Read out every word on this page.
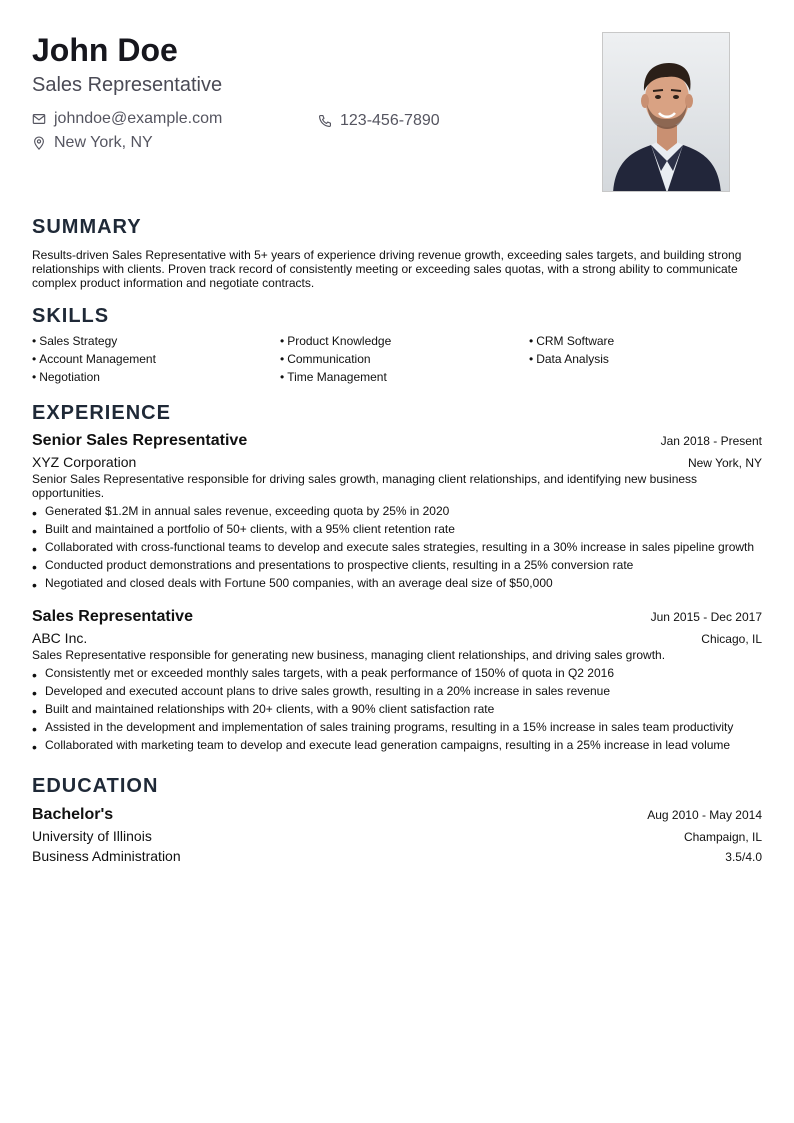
John Doe
Sales Representative
johndoe@example.com	123-456-7890
New York, NY
SUMMARY
Results-driven Sales Representative with 5+ years of experience driving revenue growth, exceeding sales targets, and building strong relationships with clients. Proven track record of consistently meeting or exceeding sales quotas, with a strong ability to communicate complex product information and negotiate contracts.
SKILLS
• Sales Strategy	• Product Knowledge	• CRM Software
• Account Management	• Communication	• Data Analysis
• Negotiation	• Time Management
EXPERIENCE
Senior Sales Representative	Jan 2018 - Present
XYZ Corporation	New York, NY
Senior Sales Representative responsible for driving sales growth, managing client relationships, and identifying new business opportunities.
• Generated $1.2M in annual sales revenue, exceeding quota by 25% in 2020
• Built and maintained a portfolio of 50+ clients, with a 95% client retention rate
• Collaborated with cross-functional teams to develop and execute sales strategies, resulting in a 30% increase in sales pipeline growth
• Conducted product demonstrations and presentations to prospective clients, resulting in a 25% conversion rate
• Negotiated and closed deals with Fortune 500 companies, with an average deal size of $50,000
Sales Representative	Jun 2015 - Dec 2017
ABC Inc.	Chicago, IL
Sales Representative responsible for generating new business, managing client relationships, and driving sales growth.
• Consistently met or exceeded monthly sales targets, with a peak performance of 150% of quota in Q2 2016
• Developed and executed account plans to drive sales growth, resulting in a 20% increase in sales revenue
• Built and maintained relationships with 20+ clients, with a 90% client satisfaction rate
• Assisted in the development and implementation of sales training programs, resulting in a 15% increase in sales team productivity
• Collaborated with marketing team to develop and execute lead generation campaigns, resulting in a 25% increase in lead volume
EDUCATION
Bachelor's	Aug 2010 - May 2014
University of Illinois	Champaign, IL
Business Administration	3.5/4.0
